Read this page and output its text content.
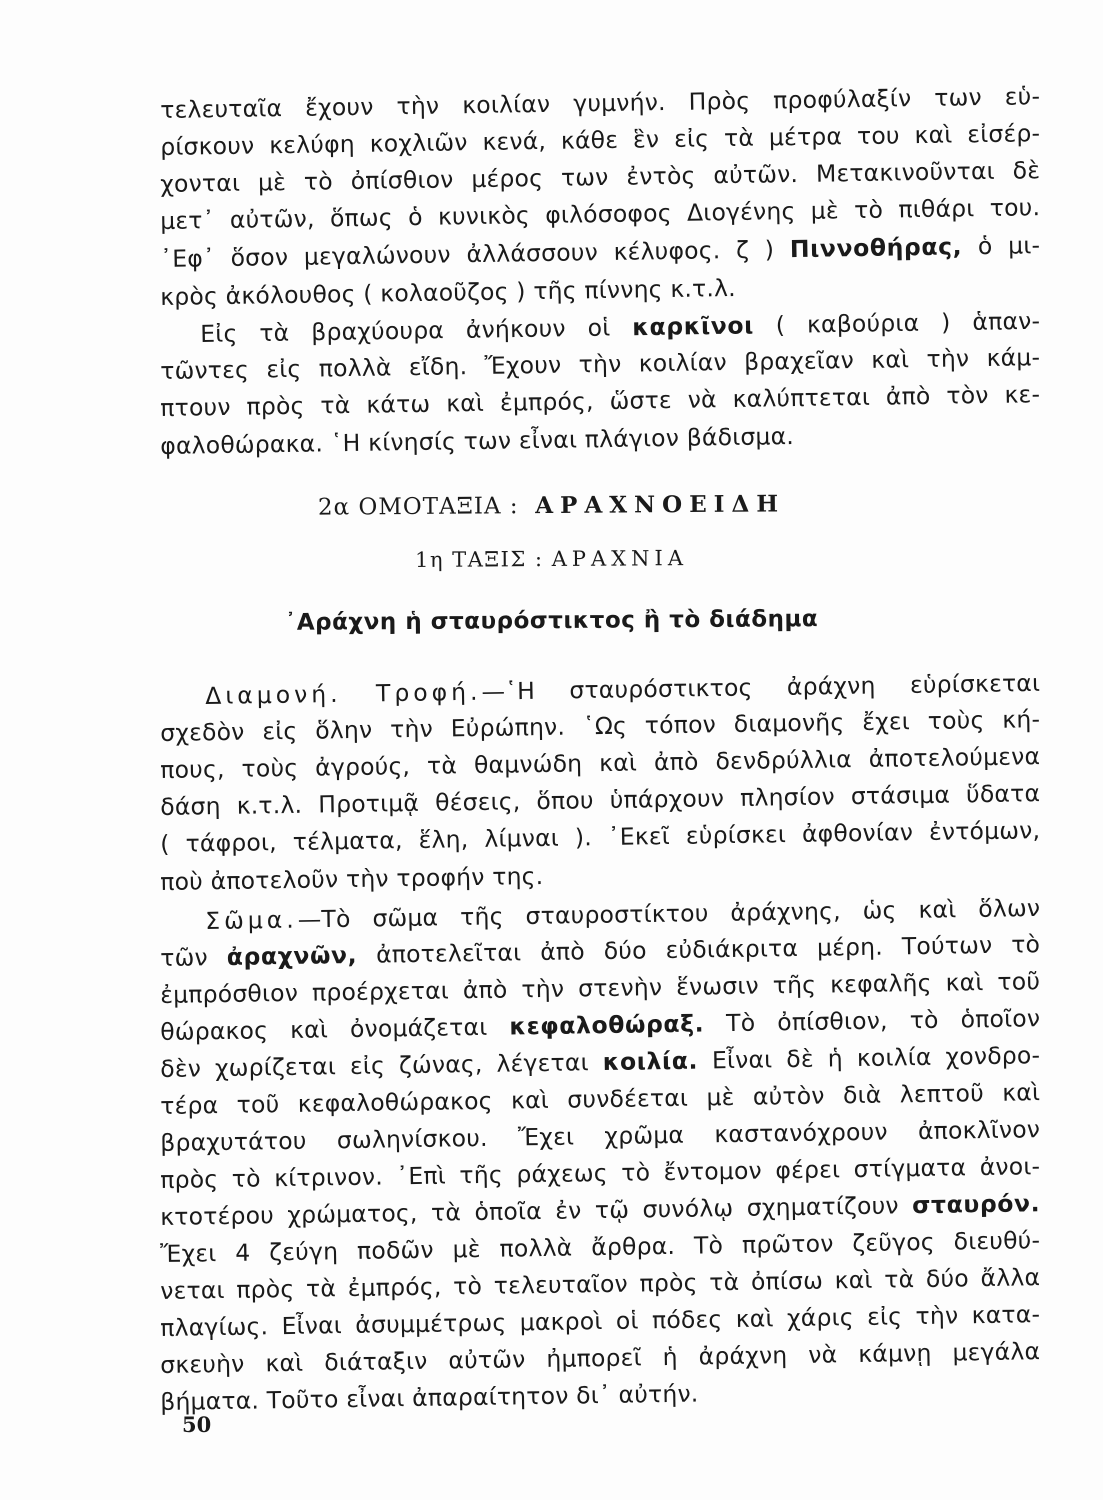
τελευταῖα ἔχουν τὴν κοιλίαν γυμνήν. Πρὸς προφύλαξίν των εὑ-
ρίσκουν κελύφη κοχλιῶν κενά, κάθε ἓν εἰς τὰ μέτρα του καὶ εἰσέρ-
χονται μὲ τὸ ὀπίσθιον μέρος των ἐντὸς αὐτῶν. Μετακινοῦνται δὲ
μετ᾽ αὐτῶν, ὅπως ὁ κυνικὸς φιλόσοφος Διογένης μὲ τὸ πιθάρι του.
᾽Εφ᾽ ὅσον μεγαλώνουν ἀλλάσσουν κέλυφος. ζ ) Πιννοθήρας, ὁ μι-
κρὸς ἀκόλουθος ( κολαοῦζος ) τῆς πίννης κ.τ.λ.
Εἰς τὰ βραχύουρα ἀνήκουν οἱ καρκῖνοι ( καβούρια ) ἁπαν-
τῶντες εἰς πολλὰ εἴδη. Ἔχουν τὴν κοιλίαν βραχεῖαν καὶ τὴν κάμ-
πτουν πρὸς τὰ κάτω καὶ ἐμπρός, ὥστε νὰ καλύπτεται ἀπὸ τὸν κε-
φαλοθώρακα. ῾Η κίνησίς των εἶναι πλάγιον βάδισμα.
2α ΟΜΟΤΑΞΙΑ : ΑΡΑΧΝΟΕΙΔΗ
1η ΤΑΞΙΣ : ΑΡΑΧΝΙΑ
᾽Αράχνη ἡ σταυρόστικτος ἢ τὸ διάδημα
Διαμονή. Τροφή.—῾Η σταυρόστικτος ἀράχνη εὑρίσκεται
σχεδὸν εἰς ὅλην τὴν Εὐρώπην. ῾Ως τόπον διαμονῆς ἔχει τοὺς κή-
πους, τοὺς ἀγρούς, τὰ θαμνώδη καὶ ἀπὸ δενδρύλλια ἀποτελούμενα
δάση κ.τ.λ. Προτιμᾷ θέσεις, ὅπου ὑπάρχουν πλησίον στάσιμα ὕδατα
( τάφροι, τέλματα, ἕλη, λίμναι ). ᾽Εκεῖ εὑρίσκει ἀφθονίαν ἐντόμων,
ποὺ ἀποτελοῦν τὴν τροφήν της.
Σῶμα.—Τὸ σῶμα τῆς σταυροστίκτου ἀράχνης, ὡς καὶ ὅλων
τῶν ἀραχνῶν, ἀποτελεῖται ἀπὸ δύο εὐδιάκριτα μέρη. Τούτων τὸ
ἐμπρόσθιον προέρχεται ἀπὸ τὴν στενὴν ἕνωσιν τῆς κεφαλῆς καὶ τοῦ
θώρακος καὶ ὀνομάζεται κεφαλοθώραξ. Τὸ ὀπίσθιον, τὸ ὁποῖον
δὲν χωρίζεται εἰς ζώνας, λέγεται κοιλία. Εἶναι δὲ ἡ κοιλία χονδρο-
τέρα τοῦ κεφαλοθώρακος καὶ συνδέεται μὲ αὐτὸν διὰ λεπτοῦ καὶ
βραχυτάτου σωληνίσκου. Ἔχει χρῶμα καστανόχρουν ἀποκλῖνον
πρὸς τὸ κίτρινον. ᾽Επὶ τῆς ράχεως τὸ ἔντομον φέρει στίγματα ἀνοι-
κτοτέρου χρώματος, τὰ ὁποῖα ἐν τῷ συνόλῳ σχηματίζουν σταυρόν.
Ἔχει 4 ζεύγη ποδῶν μὲ πολλὰ ἄρθρα. Τὸ πρῶτον ζεῦγος διευθύ-
νεται πρὸς τὰ ἐμπρός, τὸ τελευταῖον πρὸς τὰ ὀπίσω καὶ τὰ δύο ἄλλα
πλαγίως. Εἶναι ἀσυμμέτρως μακροὶ οἱ πόδες καὶ χάρις εἰς τὴν κατα-
σκευὴν καὶ διάταξιν αὐτῶν ἠμπορεῖ ἡ ἀράχνη νὰ κάμνῃ μεγάλα
βήματα. Τοῦτο εἶναι ἀπαραίτητον δι᾽ αὐτήν.
50
